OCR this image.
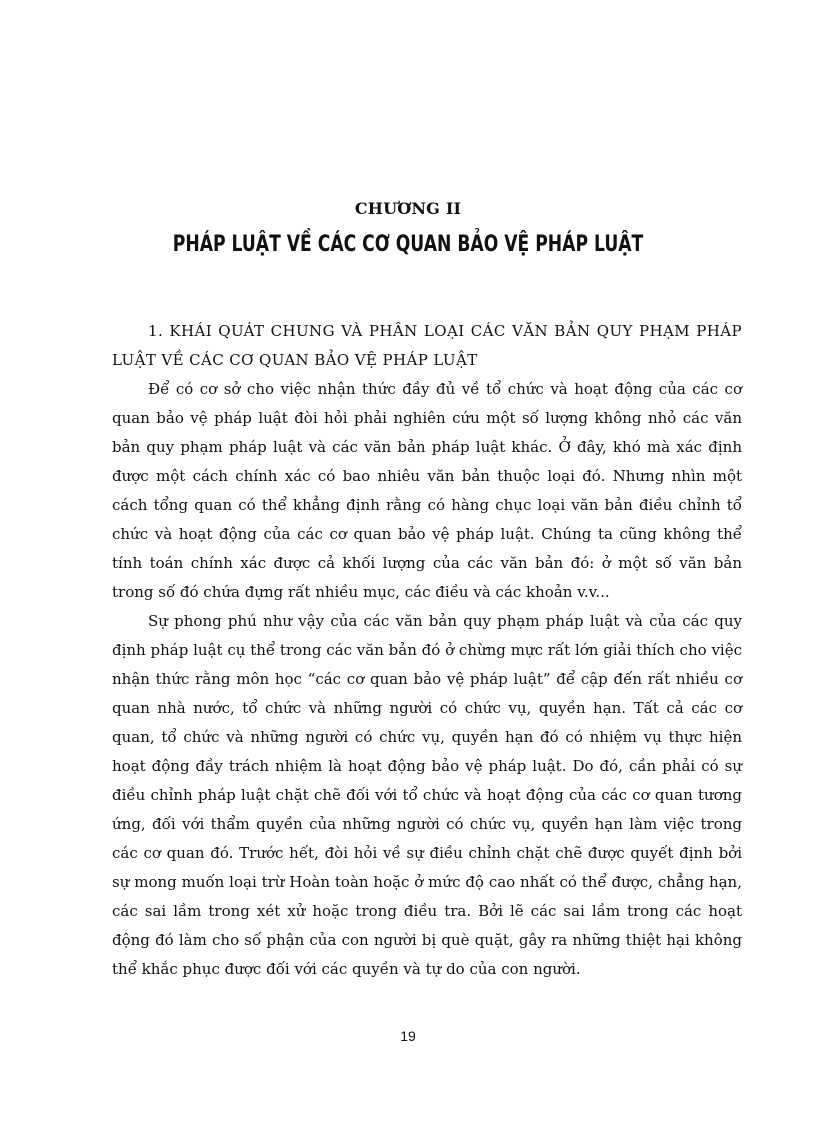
CHƯƠNG II
PHÁP LUẬT VỀ CÁC CƠ QUAN BẢO VỆ PHÁP LUẬT

1. KHÁI QUÁT CHUNG VÀ PHÂN LOẠI CÁC VĂN BẢN QUY PHẠM PHÁP LUẬT VỀ CÁC CƠ QUAN BẢO VỆ PHÁP LUẬT

Để có cơ sở cho việc nhận thức đầy đủ về tổ chức và hoạt động của các cơ quan bảo vệ pháp luật đòi hỏi phải nghiên cứu một số lượng không nhỏ các văn bản quy phạm pháp luật và các văn bản pháp luật khác. Ở đây, khó mà xác định được một cách chính xác có bao nhiêu văn bản thuộc loại đó. Nhưng nhìn một cách tổng quan có thể khẳng định rằng có hàng chục loại văn bản điều chỉnh tổ chức và hoạt động của các cơ quan bảo vệ pháp luật. Chúng ta cũng không thể tính toán chính xác được cả khối lượng của các văn bản đó: ở một số văn bản trong số đó chứa đựng rất nhiều mục, các điều và các khoản v.v...

Sự phong phú như vậy của các văn bản quy phạm pháp luật và của các quy định pháp luật cụ thể trong các văn bản đó ở chừng mực rất lớn giải thích cho việc nhận thức rằng môn học “các cơ quan bảo vệ pháp luật” để cập đến rất nhiều cơ quan nhà nước, tổ chức và những người có chức vụ, quyền hạn. Tất cả các cơ quan, tổ chức và những người có chức vụ, quyền hạn đó có nhiệm vụ thực hiện hoạt động đầy trách nhiệm là hoạt động bảo vệ pháp luật. Do đó, cần phải có sự điều chỉnh pháp luật chặt chẽ đối với tổ chức và hoạt động của các cơ quan tương ứng, đối với thẩm quyền của những người có chức vụ, quyền hạn làm việc trong các cơ quan đó. Trước hết, đòi hỏi về sự điều chỉnh chặt chẽ được quyết định bởi sự mong muốn loại trừ Hoàn toàn hoặc ở mức độ cao nhất có thể được, chẳng hạn, các sai lầm trong xét xử hoặc trong điều tra. Bởi lẽ các sai lầm trong các hoạt động đó làm cho số phận của con người bị què quặt, gây ra những thiệt hại không thể khắc phục được đối với các quyền và tự do của con người.

19
